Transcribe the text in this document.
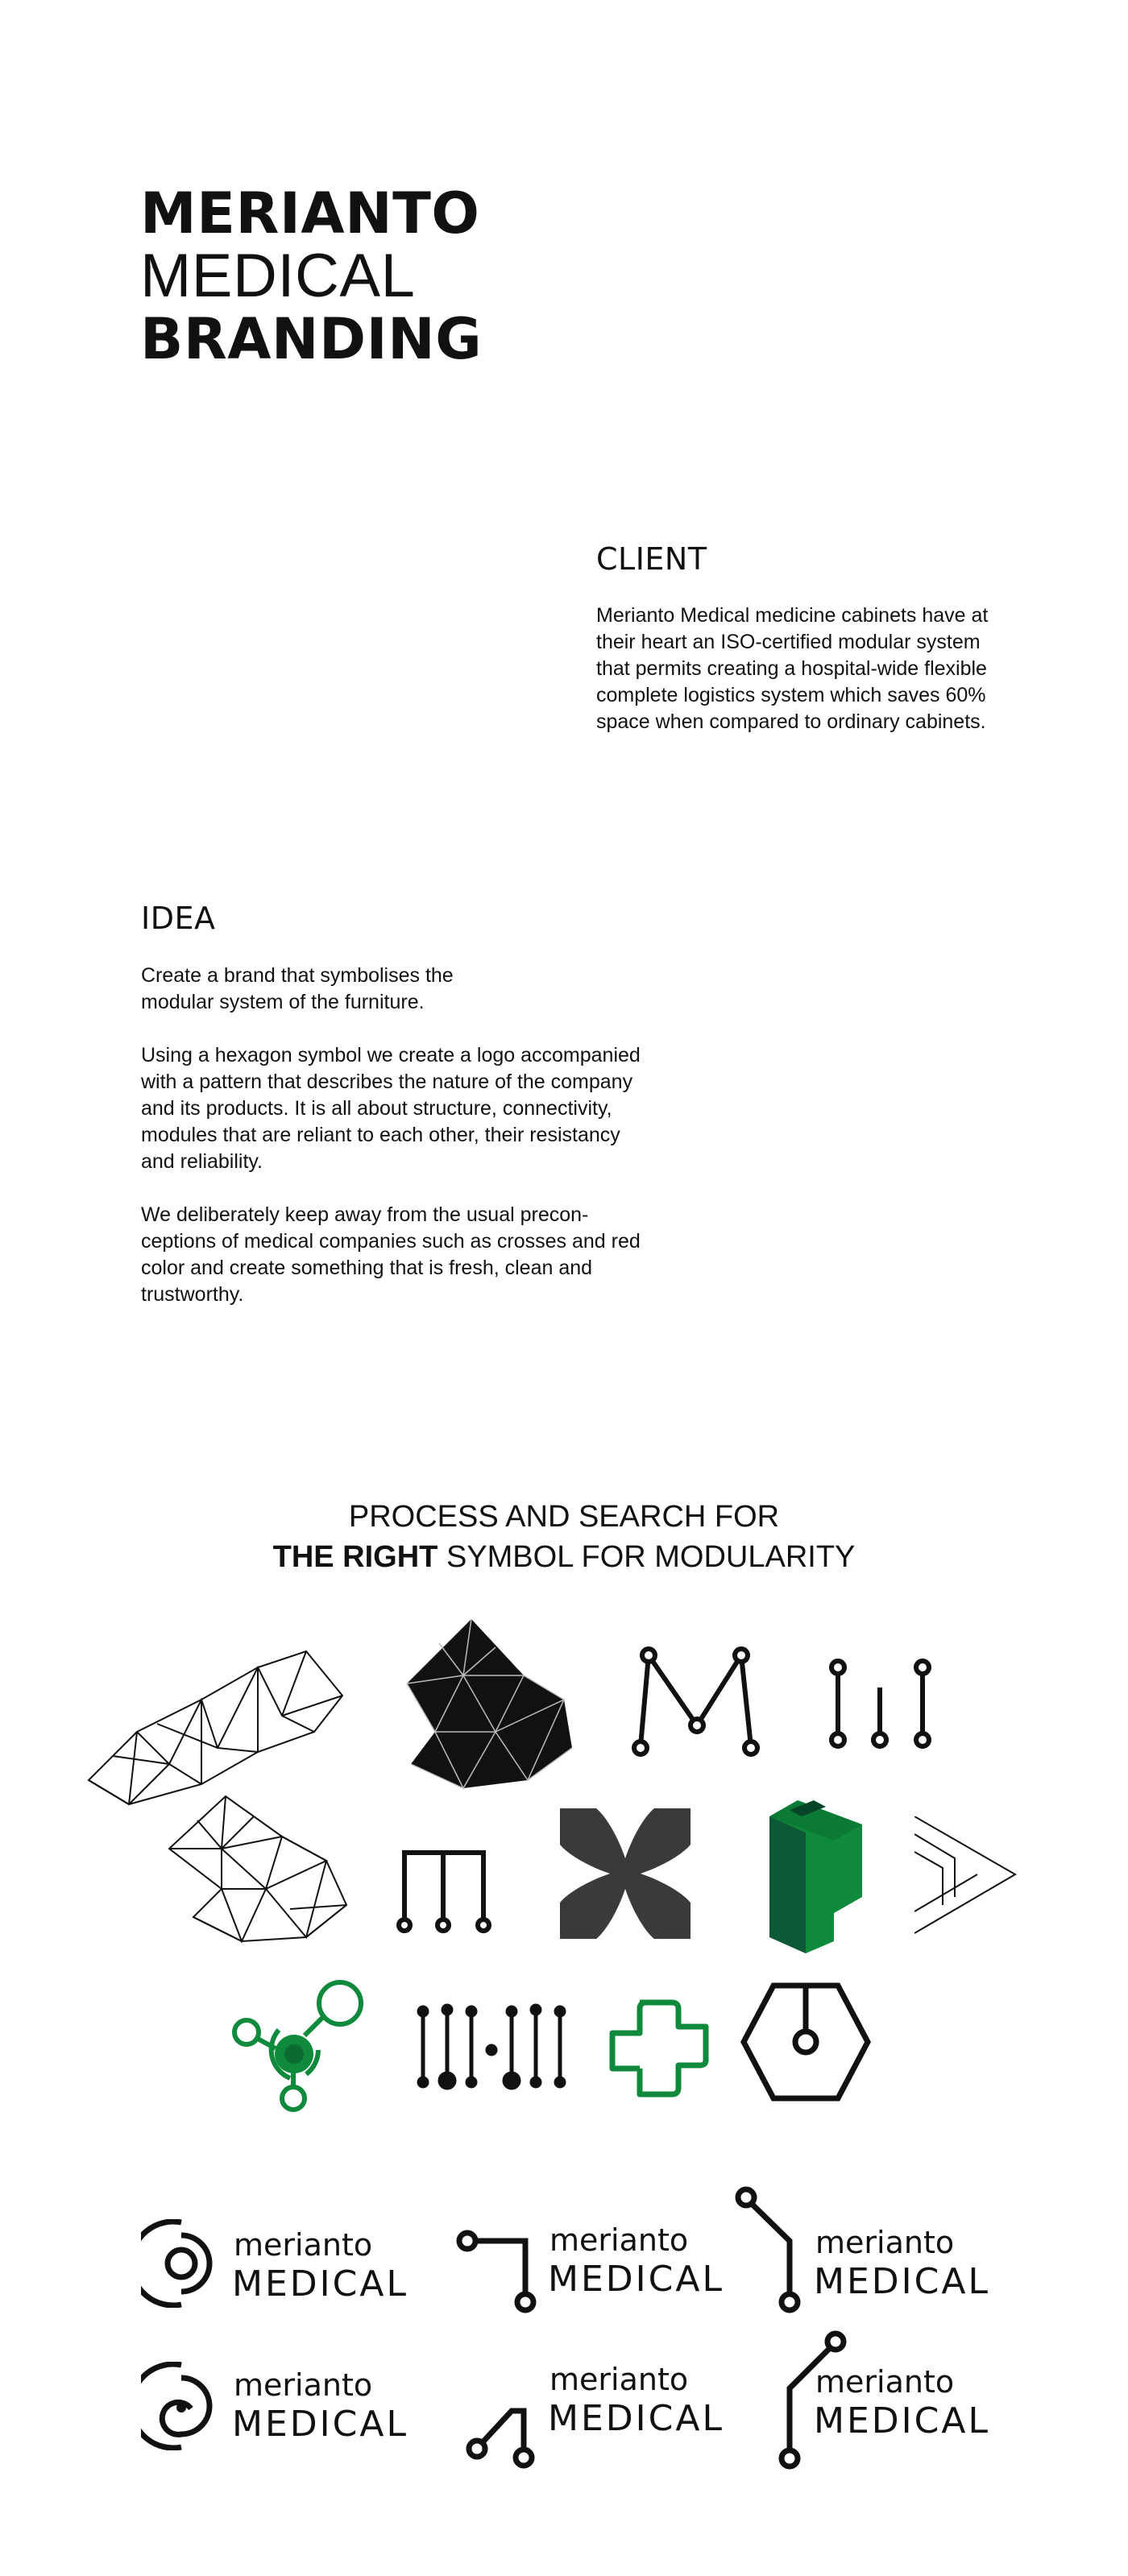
MERIANTO
MEDICAL
BRANDING
CLIENT

Merianto Medical medicine cabinets have at their heart an ISO-certified modular system that permits creating a hospital-wide flexible complete logistics system which saves 60% space when compared to ordinary cabinets.

IDEA

Create a brand that symbolises the modular system of the furniture.

Using a hexagon symbol we create a logo accompanied with a pattern that describes the nature of the company and its products. It is all about structure, connectivity, modules that are reliant to each other, their resistancy and reliability.

We deliberately keep away from the usual precon-ceptions of medical companies such as crosses and red color and create something that is fresh, clean and trustworthy.

PROCESS AND SEARCH FOR
THE RIGHT SYMBOL FOR MODULARITY
merianto
MEDICAL
merianto
MEDICAL
merianto
MEDICAL
merianto
MEDICAL
merianto
MEDICAL
merianto
MEDICAL
